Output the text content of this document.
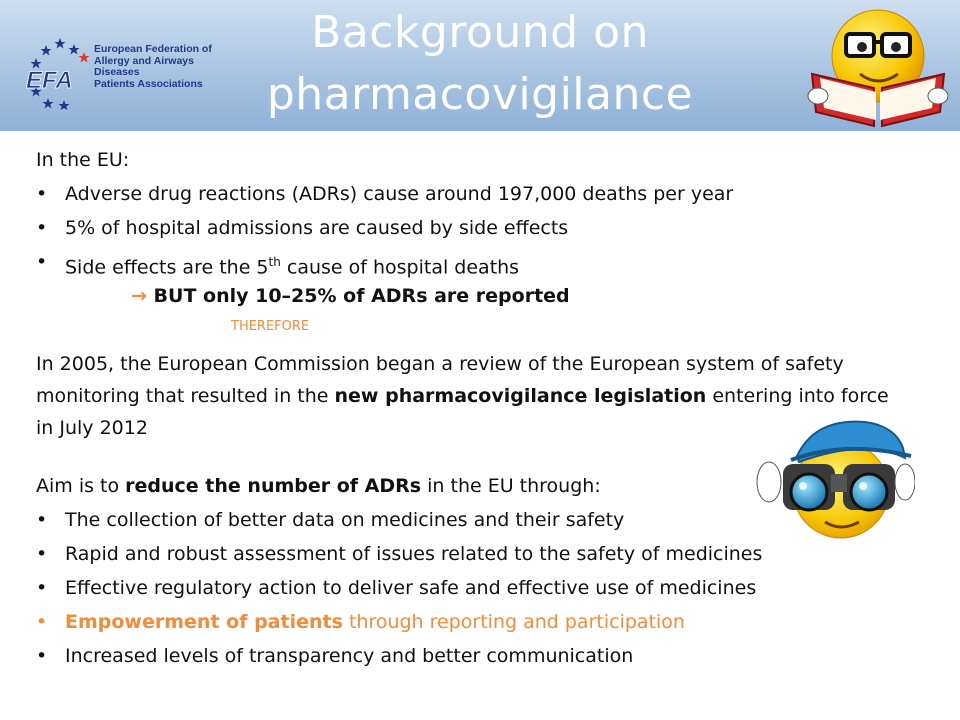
EFA
European Federation of
Allergy and Airways Diseases
Patients Associations
Background on
pharmacovigilance
In the EU:
• Adverse drug reactions (ADRs) cause around 197,000 deaths per year
• 5% of hospital admissions are caused by side effects
• Side effects are the 5th cause of hospital deaths
→ BUT only 10–25% of ADRs are reported
THEREFORE
In 2005, the European Commission began a review of the European system of safety monitoring that resulted in the new pharmacovigilance legislation entering into force in July 2012
Aim is to reduce the number of ADRs in the EU through:
• The collection of better data on medicines and their safety
• Rapid and robust assessment of issues related to the safety of medicines
• Effective regulatory action to deliver safe and effective use of medicines
• Empowerment of patients through reporting and participation
• Increased levels of transparency and better communication
